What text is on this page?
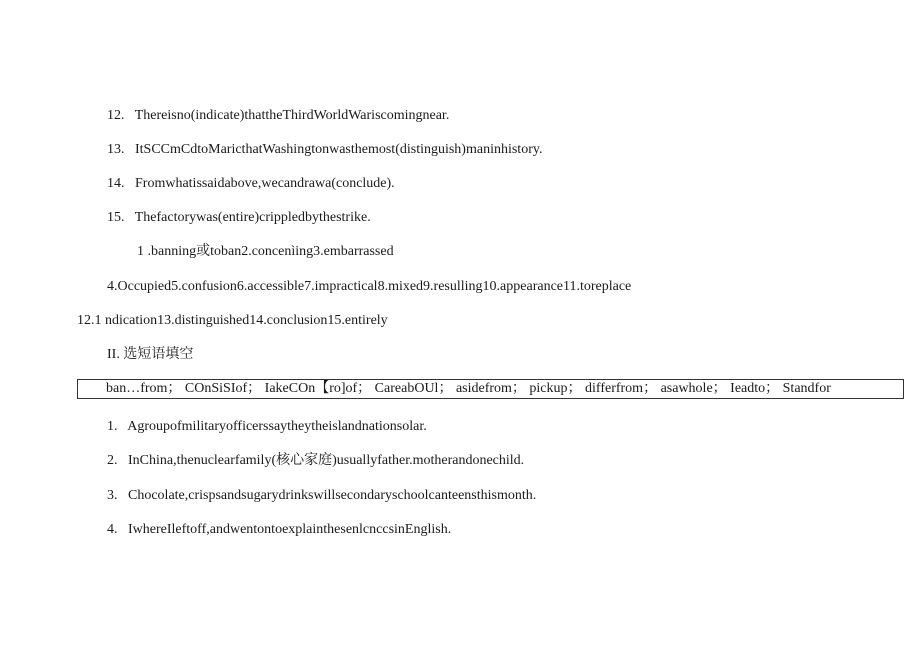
12.   Thereisno(indicate)thattheThirdWorldWariscomingnear.
13.   ItSCCmCdtoMaricthatWashingtonwasthemost(distinguish)maninhistory.
14.   Fromwhatissaidabove,wecandrawa(conclude).
15.   Thefactorywas(entire)crippledbythestrike.
1 .banning或toban2.concenìing3.embarrassed
4.Occupied5.confusion6.accessible7.impractical8.mixed9.resulling10.appearance11.toreplace
12.1 ndication13.distinguished14.conclusion15.entirely
II. 选短语填空
ban…from； COnSiSIof； IakeCOn【ro]of； CareabOUl； asidefrom； pickup； differfrom； asawhole； Ieadto； Standfor
1.   Agroupofmilitaryofficerssaytheytheislandnationsolar.
2.   InChina,thenuclearfamily(核心家庭)usuallyfather.motherandonechild.
3.   Chocolate,crispsandsugarydrinkswillsecondaryschoolcanteensthismonth.
4.   IwhereIleftoff,andwentontoexplainthesenlcnccsinEnglish.
